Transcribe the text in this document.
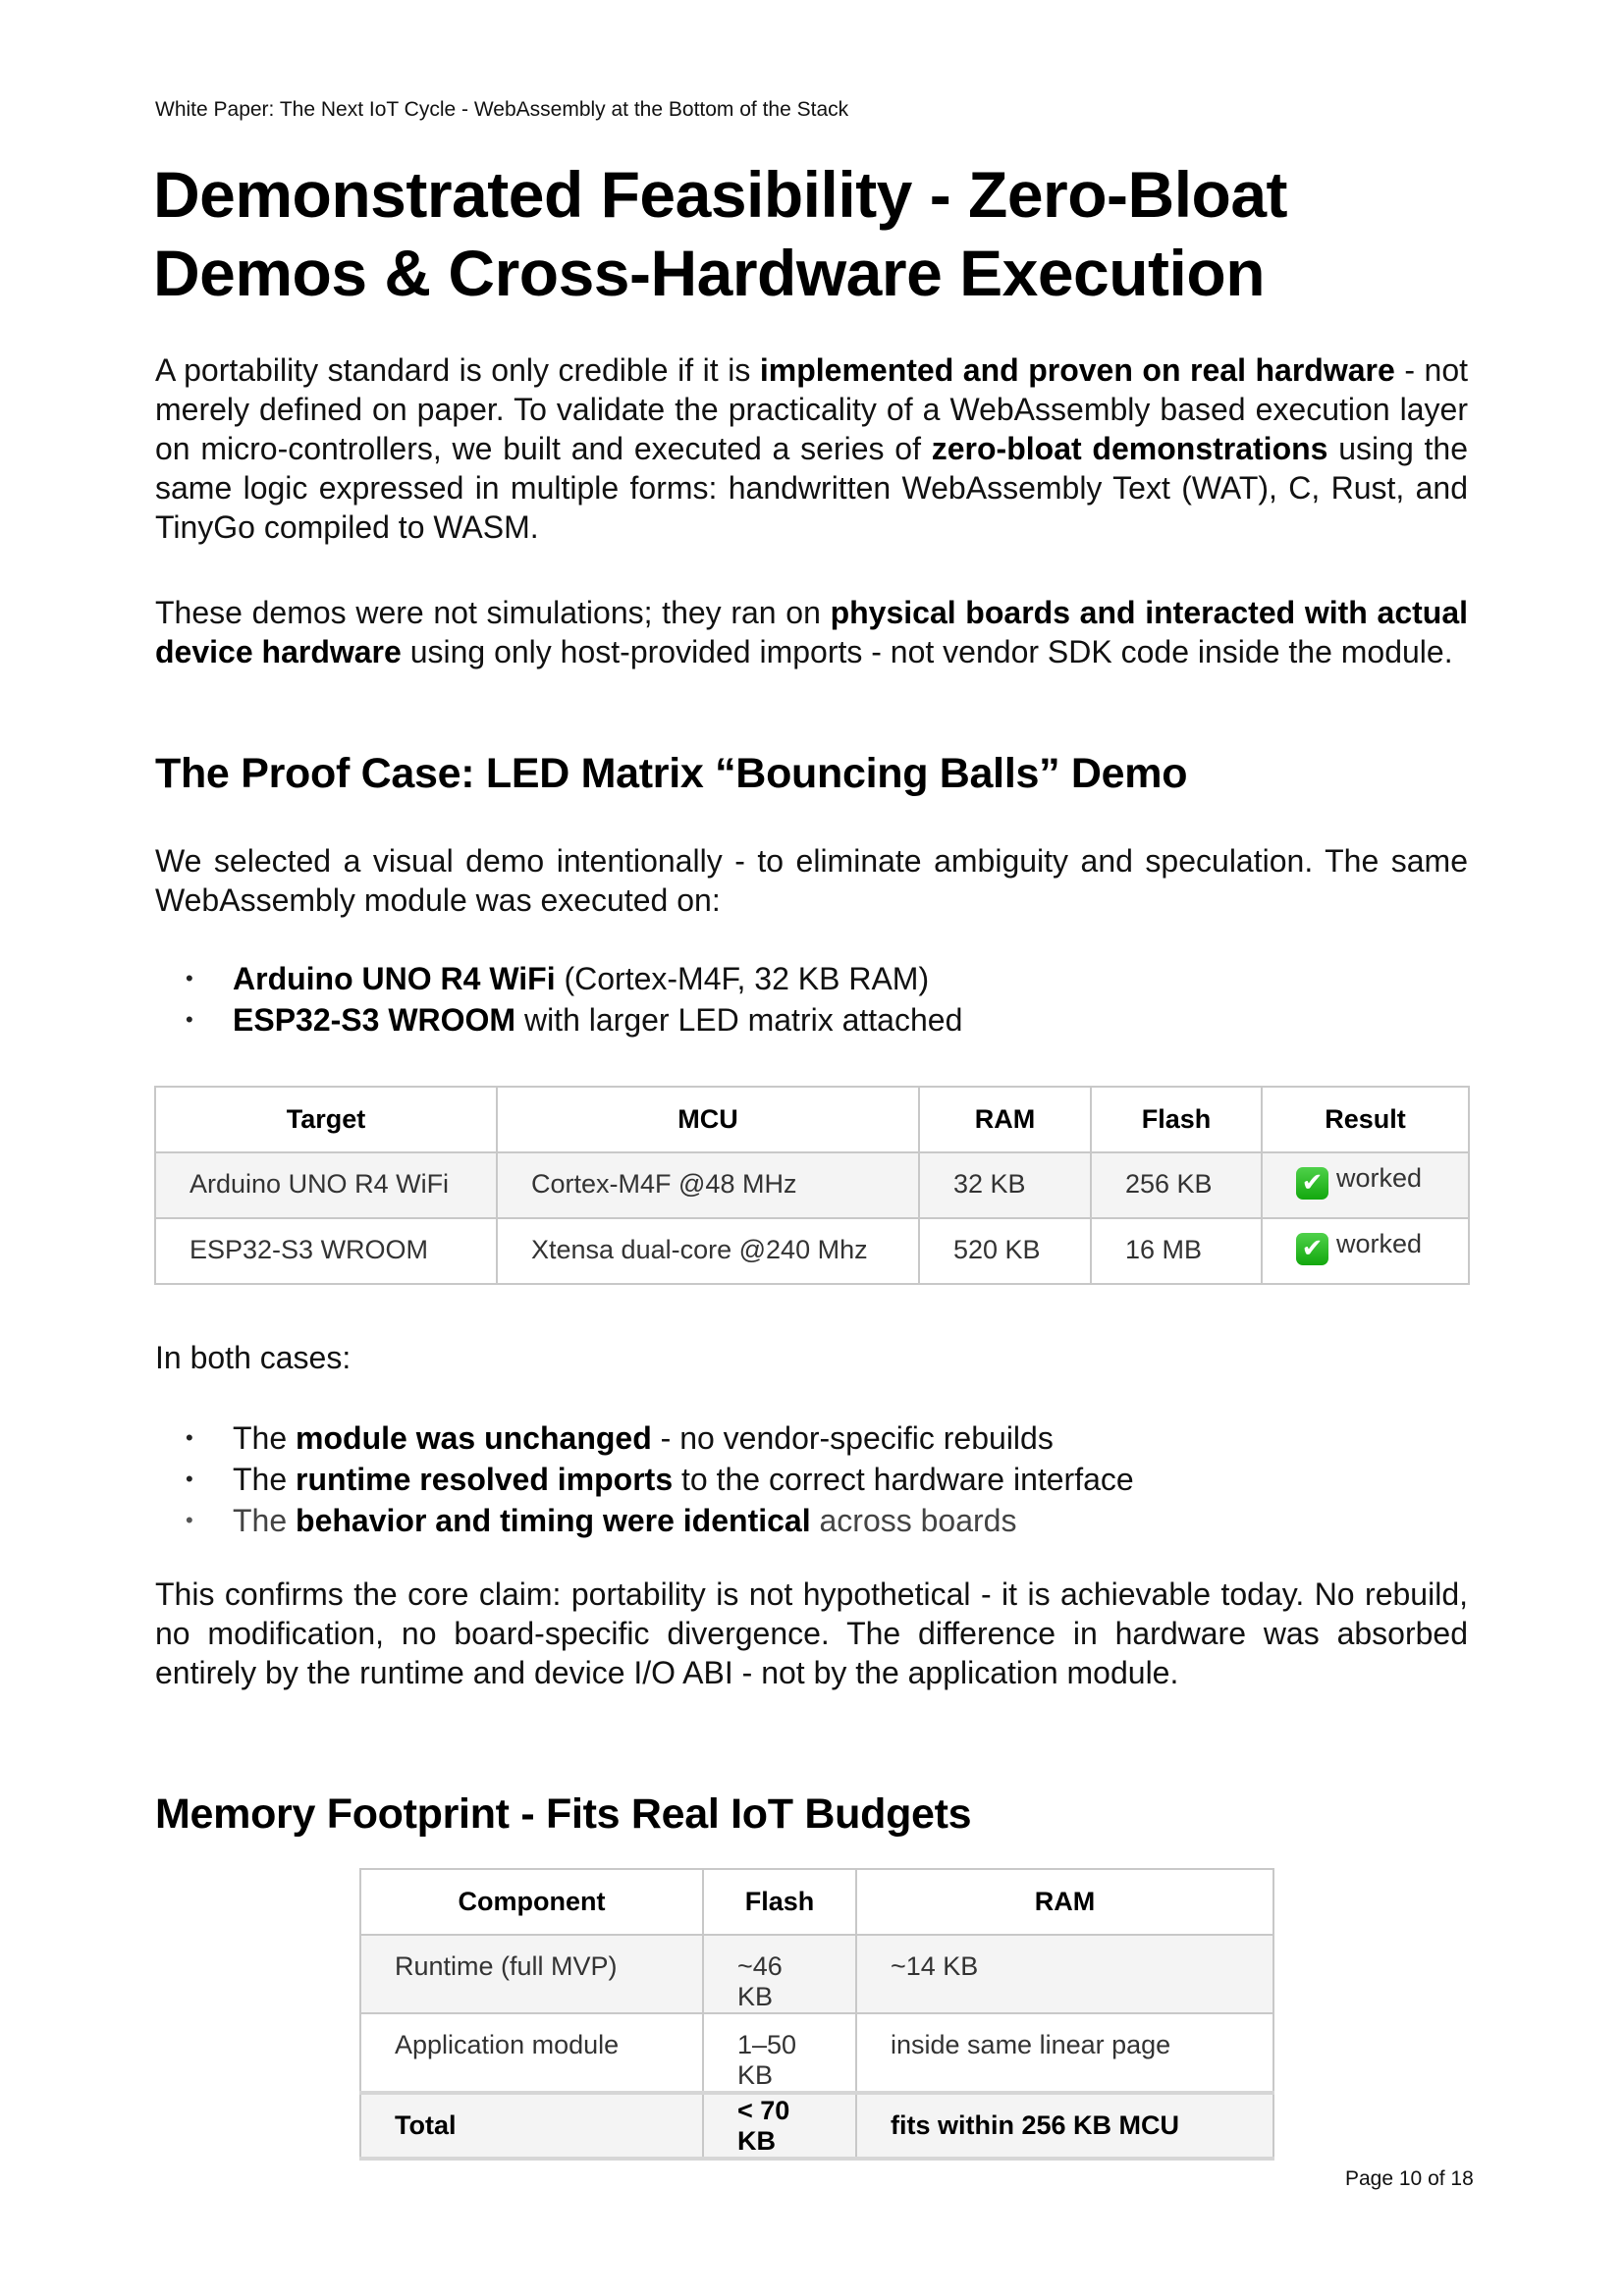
White Paper: The Next IoT Cycle - WebAssembly at the Bottom of the Stack
Demonstrated Feasibility - Zero-Bloat
Demos & Cross-Hardware Execution

A portability standard is only credible if it is implemented and proven on real hardware - not merely defined on paper. To validate the practicality of a WebAssembly based execution layer on micro-controllers, we built and executed a series of zero-bloat demonstrations using the same logic expressed in multiple forms: handwritten WebAssembly Text (WAT), C, Rust, and TinyGo compiled to WASM.

These demos were not simulations; they ran on physical boards and interacted with actual device hardware using only host-provided imports - not vendor SDK code inside the module.

The Proof Case: LED Matrix “Bouncing Balls” Demo

We selected a visual demo intentionally - to eliminate ambiguity and speculation. The same WebAssembly module was executed on:

• Arduino UNO R4 WiFi (Cortex-M4F, 32 KB RAM)
• ESP32-S3 WROOM with larger LED matrix attached
Target	MCU	RAM	Flash	Result
Arduino UNO R4 WiFi	Cortex-M4F @48 MHz	32 KB	256 KB	✔ worked
ESP32-S3 WROOM	Xtensa dual-core @240 Mhz	520 KB	16 MB	✔ worked

In both cases:

• The module was unchanged - no vendor-specific rebuilds
• The runtime resolved imports to the correct hardware interface
• The behavior and timing were identical across boards

This confirms the core claim: portability is not hypothetical - it is achievable today. No rebuild, no modification, no board-specific divergence. The difference in hardware was absorbed entirely by the runtime and device I/O ABI - not by the application module.

Memory Footprint - Fits Real IoT Budgets
Component	Flash	RAM
Runtime (full MVP)	~46 KB	~14 KB
Application module	1–50 KB	inside same linear page
Total	< 70 KB	fits within 256 KB MCU
Page 10 of 18
